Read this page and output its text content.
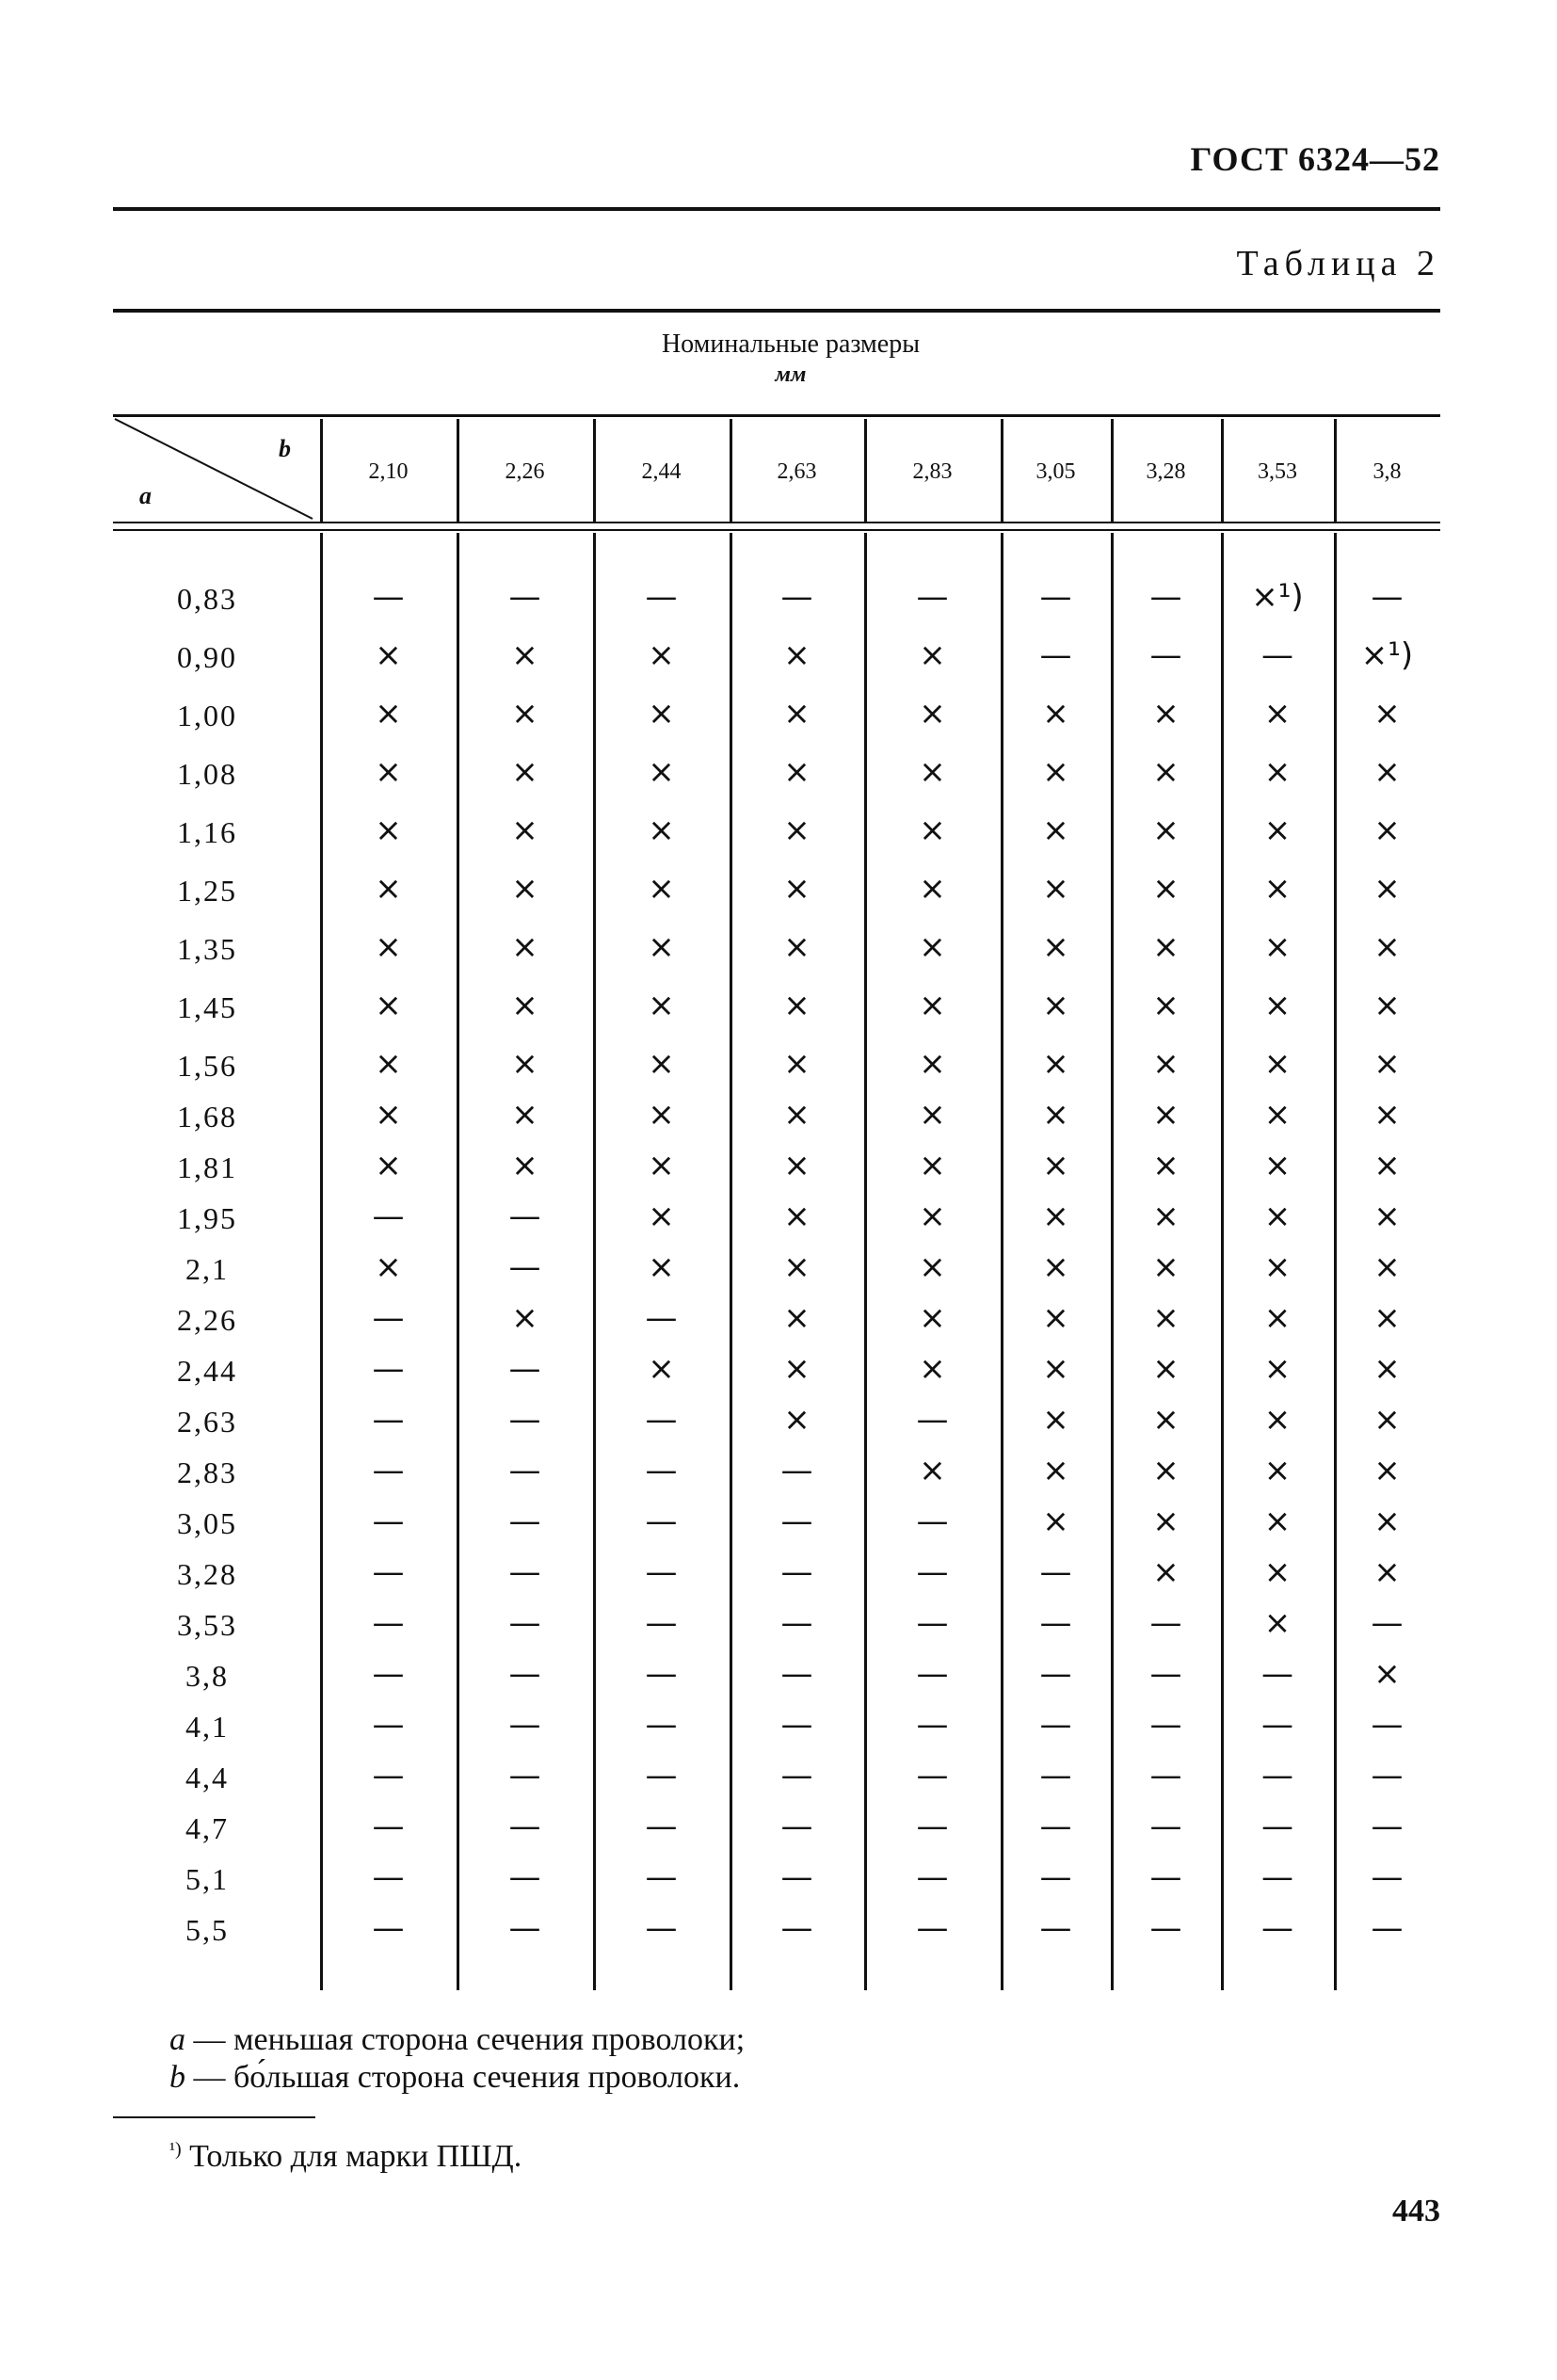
ГОСТ 6324—52
Таблица 2
Номинальные размеры
мм
b
a
2,10	2,26	2,44	2,63	2,83	3,05	3,28	3,53	3,8
0,83	—	—	—	—	—	—	—	×¹)	—
0,90	×	×	×	×	×	—	—	—	×¹)
1,00	×	×	×	×	×	×	×	×	×
1,08	×	×	×	×	×	×	×	×	×
1,16	×	×	×	×	×	×	×	×	×
1,25	×	×	×	×	×	×	×	×	×
1,35	×	×	×	×	×	×	×	×	×
1,45	×	×	×	×	×	×	×	×	×
1,56	×	×	×	×	×	×	×	×	×
1,68	×	×	×	×	×	×	×	×	×
1,81	×	×	×	×	×	×	×	×	×
1,95	—	—	×	×	×	×	×	×	×
2,1	×	—	×	×	×	×	×	×	×
2,26	—	×	—	×	×	×	×	×	×
2,44	—	—	×	×	×	×	×	×	×
2,63	—	—	—	×	—	×	×	×	×
2,83	—	—	—	—	×	×	×	×	×
3,05	—	—	—	—	—	×	×	×	×
3,28	—	—	—	—	—	—	×	×	×
3,53	—	—	—	—	—	—	—	×	—
3,8	—	—	—	—	—	—	—	—	×
4,1	—	—	—	—	—	—	—	—	—
4,4	—	—	—	—	—	—	—	—	—
4,7	—	—	—	—	—	—	—	—	—
5,1	—	—	—	—	—	—	—	—	—
5,5	—	—	—	—	—	—	—	—	—
a — меньшая сторона сечения проволоки;
b — бо́льшая сторона сечения проволоки.
$^{^1)}$ Только для марки ПШД.
443
